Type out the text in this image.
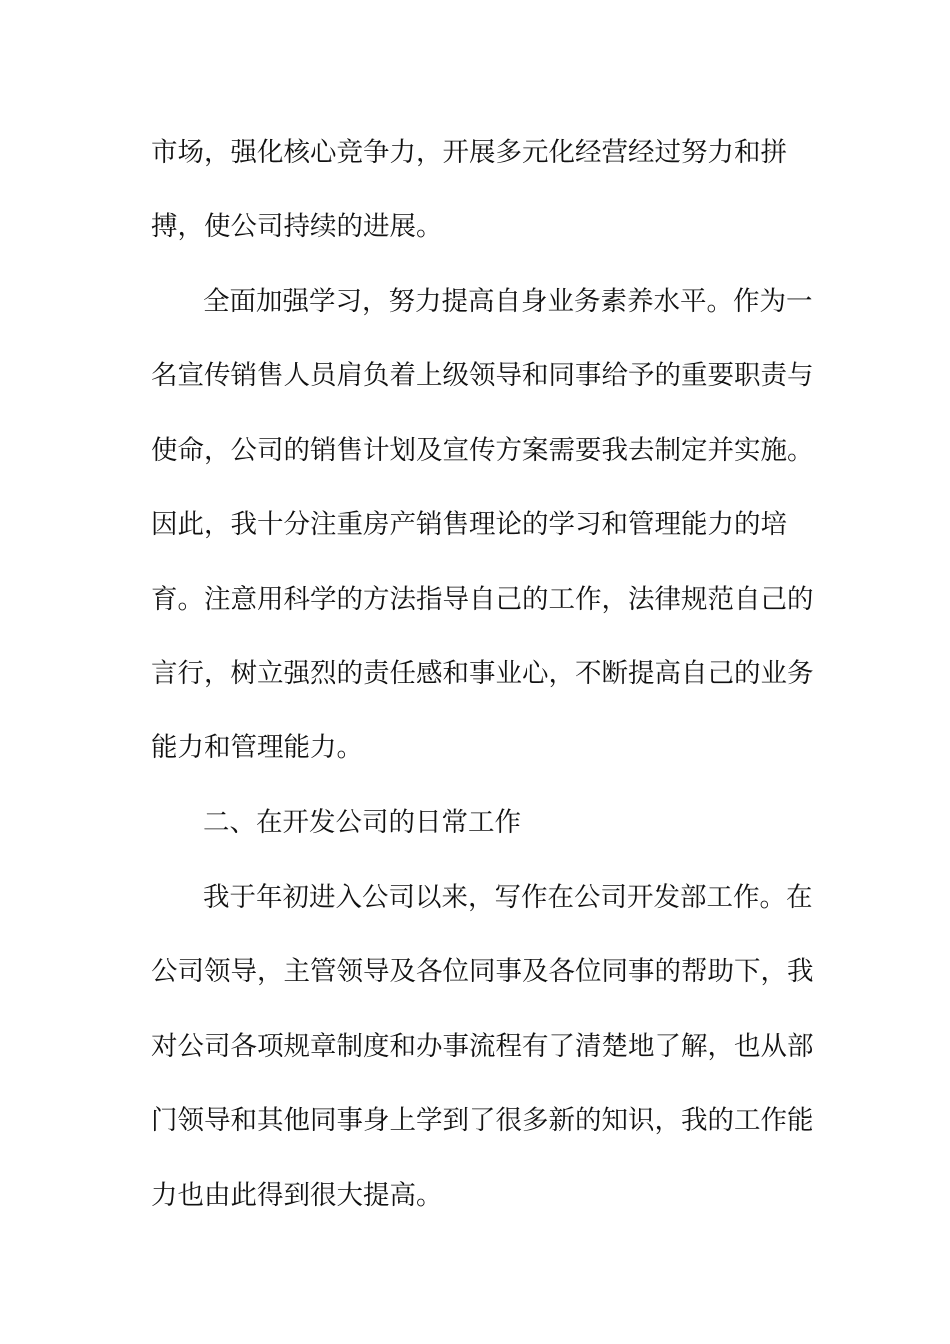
市场，强化核心竞争力，开展多元化经营经过努力和拼
搏，使公司持续的进展。
全面加强学习，努力提高自身业务素养水平。作为一
名宣传销售人员肩负着上级领导和同事给予的重要职责与
使命，公司的销售计划及宣传方案需要我去制定并实施。
因此，我十分注重房产销售理论的学习和管理能力的培
育。注意用科学的方法指导自己的工作，法律规范自己的
言行，树立强烈的责任感和事业心，不断提高自己的业务
能力和管理能力。
二、在开发公司的日常工作
我于年初进入公司以来，写作在公司开发部工作。在
公司领导，主管领导及各位同事及各位同事的帮助下，我
对公司各项规章制度和办事流程有了清楚地了解，也从部
门领导和其他同事身上学到了很多新的知识，我的工作能
力也由此得到很大提高。
